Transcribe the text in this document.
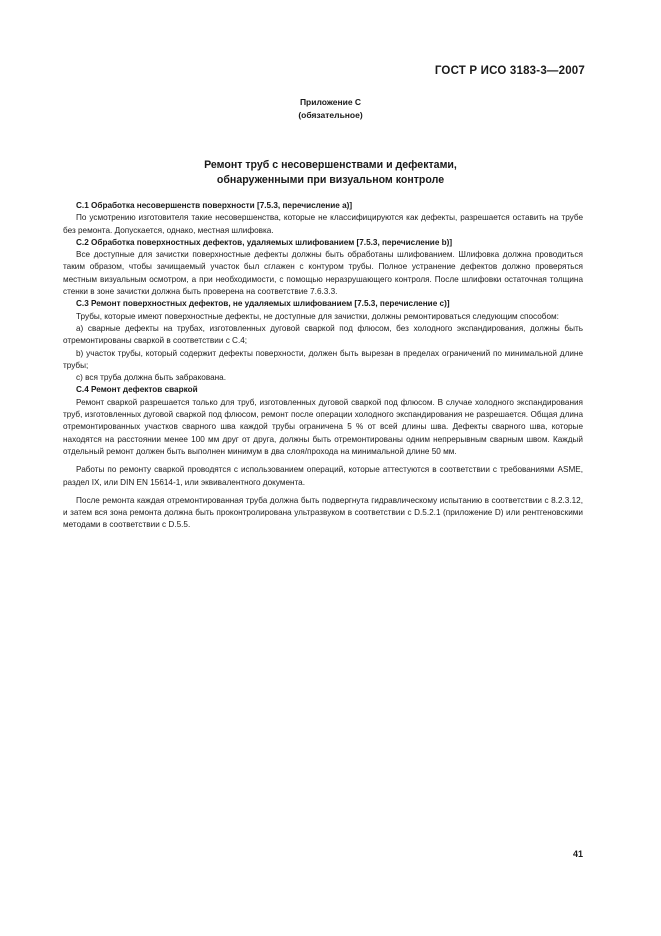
ГОСТ Р ИСО 3183-3—2007
Приложение С
(обязательное)
Ремонт труб с несовершенствами и дефектами,
обнаруженными при визуальном контроле

С.1 Обработка несовершенств поверхности [7.5.3, перечисление a)]

По усмотрению изготовителя такие несовершенства, которые не классифицируются как дефекты, разрешается оставить на трубе без ремонта. Допускается, однако, местная шлифовка.

С.2 Обработка поверхностных дефектов, удаляемых шлифованием [7.5.3, перечисление b)]

Все доступные для зачистки поверхностные дефекты должны быть обработаны шлифованием. Шлифовка должна проводиться таким образом, чтобы зачищаемый участок был сглажен с контуром трубы. Полное устранение дефектов должно проверяться местным визуальным осмотром, а при необходимости, с помощью неразрушающего контроля. После шлифовки остаточная толщина стенки в зоне зачистки должна быть проверена на соответствие 7.6.3.3.

С.3 Ремонт поверхностных дефектов, не удаляемых шлифованием [7.5.3, перечисление c)]

Трубы, которые имеют поверхностные дефекты, не доступные для зачистки, должны ремонтироваться следующим способом:

a) сварные дефекты на трубах, изготовленных дуговой сваркой под флюсом, без холодного экспандирования, должны быть отремонтированы сваркой в соответствии с С.4;

b) участок трубы, который содержит дефекты поверхности, должен быть вырезан в пределах ограничений по минимальной длине трубы;

c) вся труба должна быть забракована.

С.4 Ремонт дефектов сваркой

Ремонт сваркой разрешается только для труб, изготовленных дуговой сваркой под флюсом. В случае холодного экспандирования труб, изготовленных дуговой сваркой под флюсом, ремонт после операции холодного экспандирования не разрешается. Общая длина отремонтированных участков сварного шва каждой трубы ограничена 5 % от всей длины шва. Дефекты сварного шва, которые находятся на расстоянии менее 100 мм друг от друга, должны быть отремонтированы одним непрерывным сварным швом. Каждый отдельный ремонт должен быть выполнен минимум в два слоя/прохода на минимальной длине 50 мм.

Работы по ремонту сваркой проводятся с использованием операций, которые аттестуются в соответствии с требованиями ASME, раздел IX, или DIN EN 15614-1, или эквивалентного документа.

После ремонта каждая отремонтированная труба должна быть подвергнута гидравлическому испытанию в соответствии с 8.2.3.12, и затем вся зона ремонта должна быть проконтролирована ультразвуком в соответствии с D.5.2.1 (приложение D) или рентгеновскими методами в соответствии с D.5.5.

41
